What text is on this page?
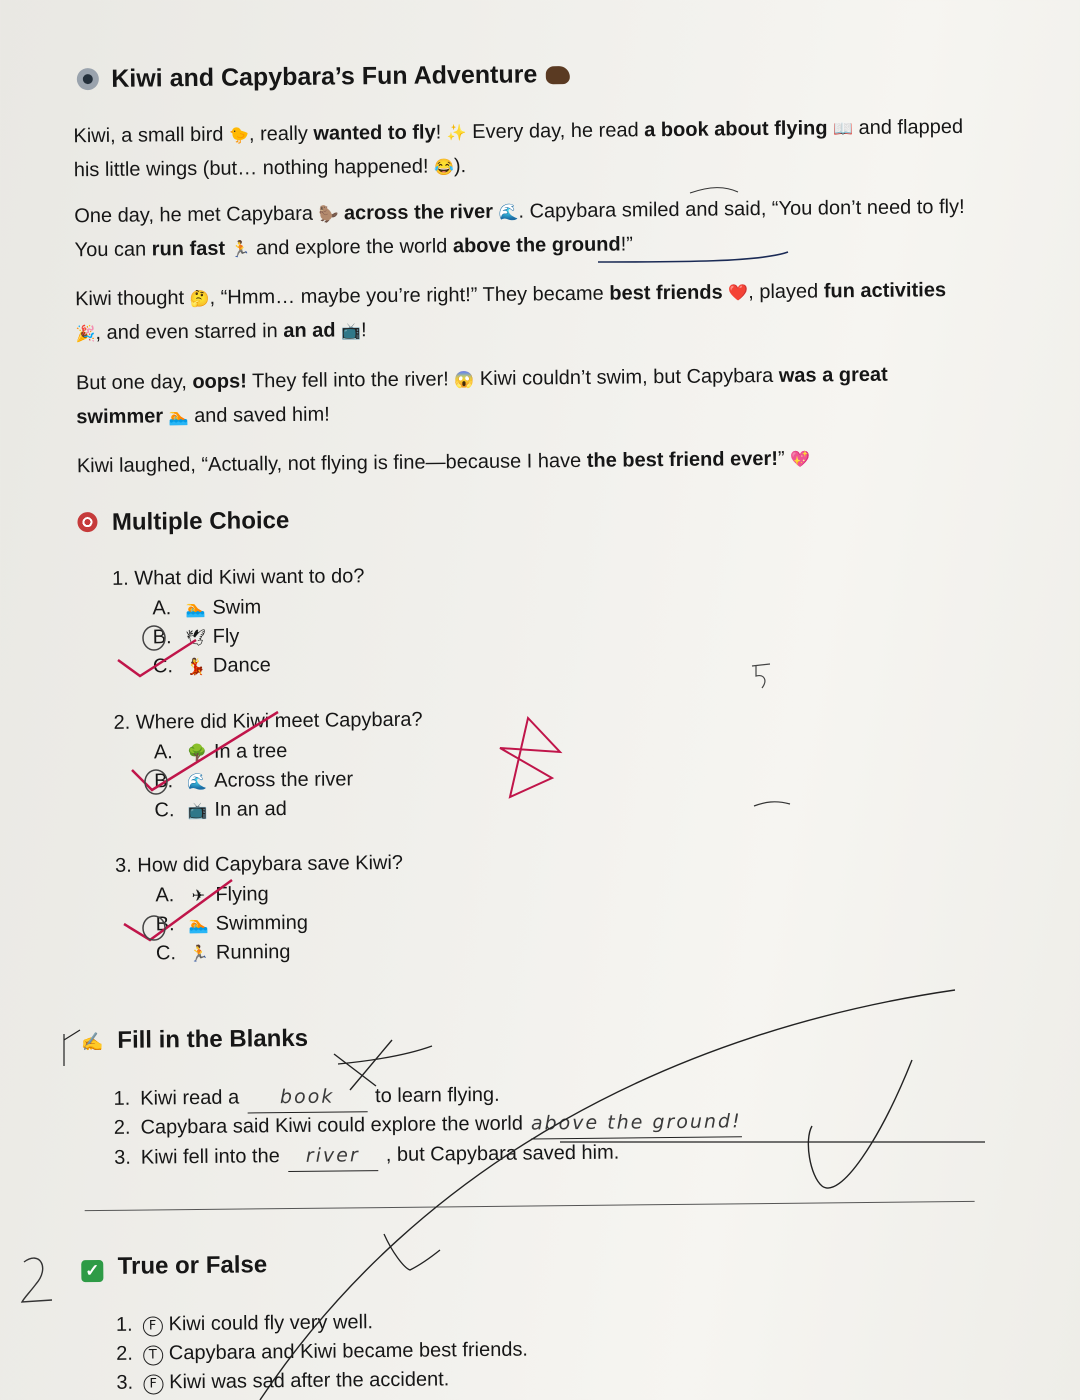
Kiwi and Capybara’s Fun Adventure
Kiwi, a small bird 🐤, really wanted to fly! ✨ Every day, he read a book about flying 📖 and flapped his little wings (but… nothing happened! 😂).
One day, he met Capybara 🦫 across the river 🌊. Capybara smiled and said, “You don’t need to fly! You can run fast 🏃 and explore the world above the ground!”
Kiwi thought 🤔, “Hmm… maybe you’re right!” They became best friends ❤️, played fun activities 🎉, and even starred in an ad 📺!
But one day, oops! They fell into the river! 😱 Kiwi couldn’t swim, but Capybara was a great swimmer 🏊 and saved him!
Kiwi laughed, “Actually, not flying is fine—because I have the best friend ever!” 💖
Multiple Choice
1. What did Kiwi want to do?
A. 🏊 Swim
B. 🕊 Fly
C. 💃 Dance
2. Where did Kiwi meet Capybara?
A. 🌳 In a tree
B. 🌊 Across the river
C. 📺 In an ad
3. How did Capybara save Kiwi?
A. ✈ Flying
B. 🏊 Swimming
C. 🏃 Running
✍ Fill in the Blanks
1. Kiwi read a book to learn flying.
2. Capybara said Kiwi could explore the world above the ground!
3. Kiwi fell into the river , but Capybara saved him.
✓ True or False
1. F Kiwi could fly very well.
2. T Capybara and Kiwi became best friends.
3. F Kiwi was sad after the accident.
